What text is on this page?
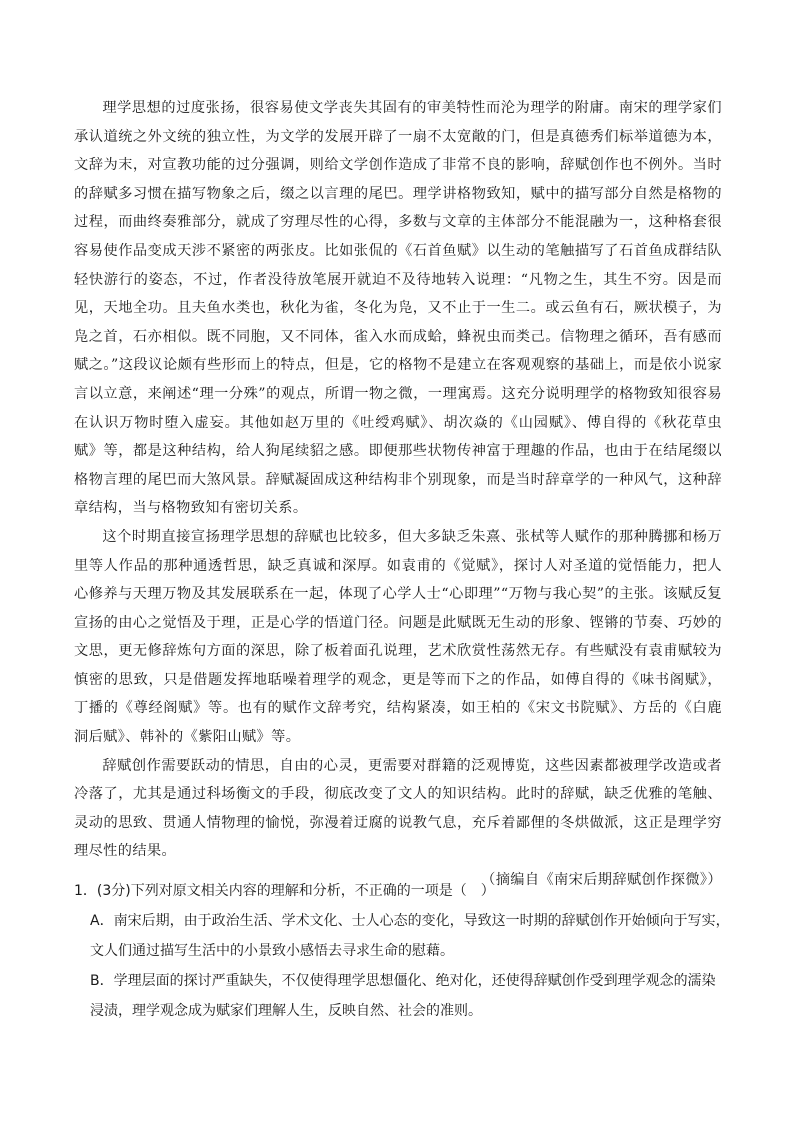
理学思想的过度张扬，很容易使文学丧失其固有的审美特性而沦为理学的附庸。南宋的理学家们承认道统之外文统的独立性，为文学的发展开辟了一扇不太宽敞的门，但是真德秀们标举道德为本，文辞为末，对宣教功能的过分强调，则给文学创作造成了非常不良的影响，辞赋创作也不例外。当时的辞赋多习惯在描写物象之后，缀之以言理的尾巴。理学讲格物致知，赋中的描写部分自然是格物的过程，而曲终奏雅部分，就成了穷理尽性的心得，多数与文章的主体部分不能混融为一，这种格套很容易使作品变成天涉不紧密的两张皮。比如张侃的《石首鱼赋》以生动的笔触描写了石首鱼成群结队轻快游行的姿态，不过，作者没待放笔展开就迫不及待地转入说理：“凡物之生，其生不穷。因是而见，天地全功。且夫鱼水类也，秋化为雀，冬化为凫，又不止于一生二。或云鱼有石，厥状模子，为凫之首，石亦相似。既不同胞，又不同体，雀入水而成蛤，蜂祝虫而类己。信物理之循环，吾有感而赋之。”这段议论颇有些形而上的特点，但是，它的格物不是建立在客观观察的基础上，而是依小说家言以立意，来阐述“理一分殊”的观点，所谓一物之微，一理寓焉。这充分说明理学的格物致知很容易在认识万物时堕入虚妄。其他如赵万里的《吐绶鸡赋》、胡次焱的《山园赋》、傅自得的《秋花草虫赋》等，都是这种结构，给人狗尾续貂之感。即便那些状物传神富于理趣的作品，也由于在结尾缀以格物言理的尾巴而大煞风景。辞赋凝固成这种结构非个别现象，而是当时辞章学的一种风气，这种辞章结构，当与格物致知有密切关系。

这个时期直接宣扬理学思想的辞赋也比较多，但大多缺乏朱熹、张栻等人赋作的那种腾挪和杨万里等人作品的那种通透哲思，缺乏真诚和深厚。如袁甫的《觉赋》，探讨人对圣道的觉悟能力，把人心修养与天理万物及其发展联系在一起，体现了心学人士“心即理”“万物与我心契”的主张。该赋反复宣扬的由心之觉悟及于理，正是心学的悟道门径。问题是此赋既无生动的形象、铿锵的节奏、巧妙的文思，更无修辞炼句方面的深思，除了板着面孔说理，艺术欣赏性荡然无存。有些赋没有袁甫赋较为慎密的思致，只是借题发挥地聒噪着理学的观念，更是等而下之的作品，如傅自得的《味书阁赋》，丁播的《尊经阁赋》等。也有的赋作文辞考究，结构紧凑，如王柏的《宋文书院赋》、方岳的《白鹿洞后赋》、韩补的《紫阳山赋》等。

辞赋创作需要跃动的情思，自由的心灵，更需要对群籍的泛观博览，这些因素都被理学改造或者冷落了，尤其是通过科场衡文的手段，彻底改变了文人的知识结构。此时的辞赋，缺乏优雅的笔触、灵动的思致、贯通人情物理的愉悦，弥漫着迂腐的说教气息，充斥着鄙俚的冬烘做派，这正是理学穷理尽性的结果。

（摘编自《南宋后期辞赋创作探微》）

1．(3分)下列对原文相关内容的理解和分析，不正确的一项是（　）

A．南宋后期，由于政治生活、学术文化、士人心态的变化，导致这一时期的辞赋创作开始倾向于写实，
文人们通过描写生活中的小景致小感悟去寻求生命的慰藉。
B．学理层面的探讨严重缺失，不仅使得理学思想僵化、绝对化，还使得辞赋创作受到理学观念的濡染
浸渍，理学观念成为赋家们理解人生，反映自然、社会的准则。
